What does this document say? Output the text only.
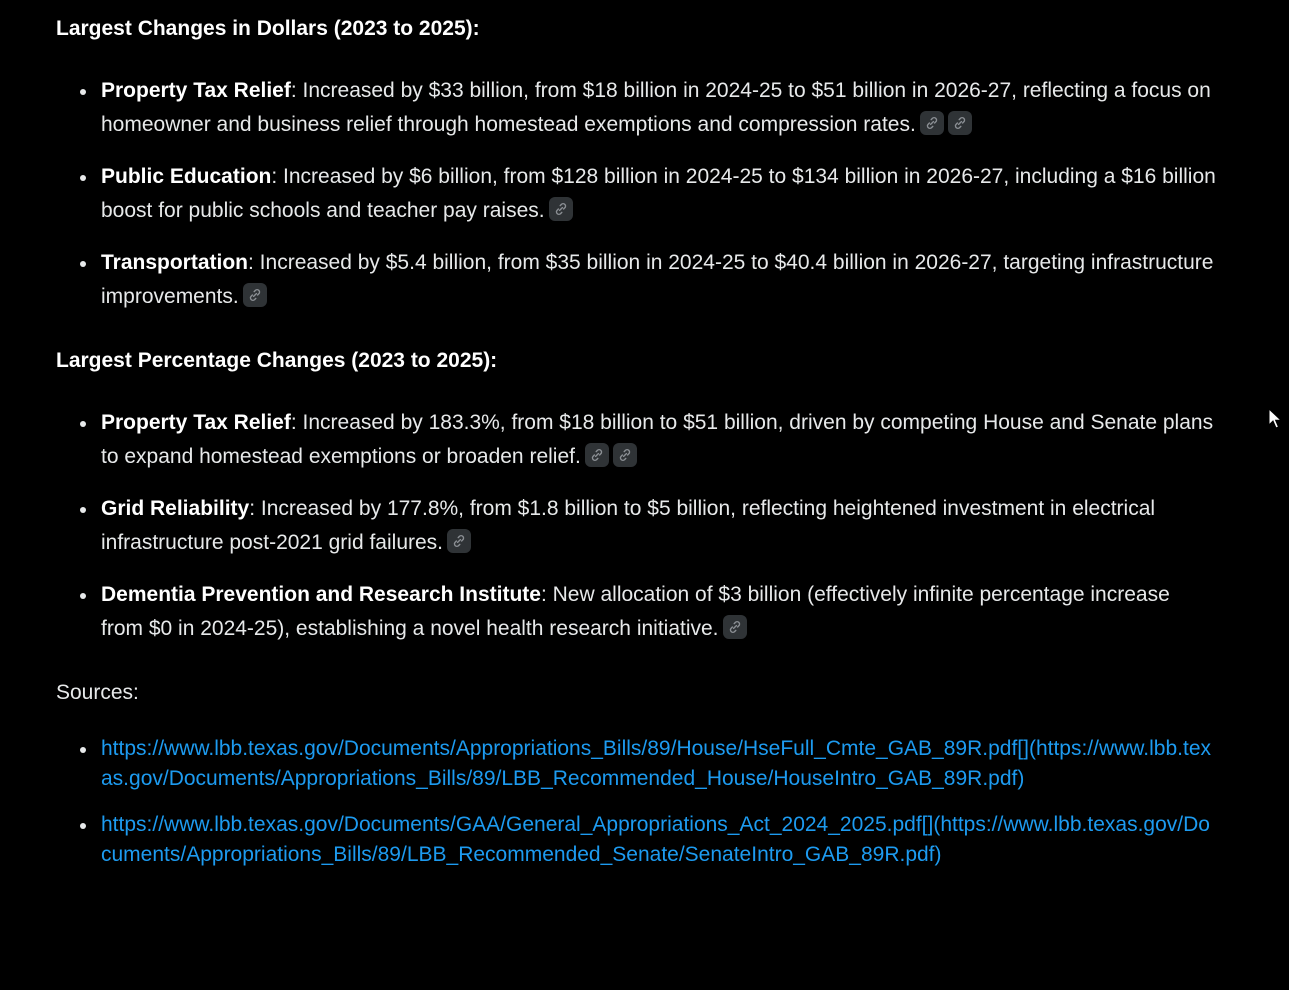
Largest Changes in Dollars (2023 to 2025):
Property Tax Relief: Increased by $33 billion, from $18 billion in 2024-25 to $51 billion in 2026-27, reflecting a focus on homeowner and business relief through homestead exemptions and compression rates.
Public Education: Increased by $6 billion, from $128 billion in 2024-25 to $134 billion in 2026-27, including a $16 billion boost for public schools and teacher pay raises.
Transportation: Increased by $5.4 billion, from $35 billion in 2024-25 to $40.4 billion in 2026-27, targeting infrastructure improvements.
Largest Percentage Changes (2023 to 2025):
Property Tax Relief: Increased by 183.3%, from $18 billion to $51 billion, driven by competing House and Senate plans to expand homestead exemptions or broaden relief.
Grid Reliability: Increased by 177.8%, from $1.8 billion to $5 billion, reflecting heightened investment in electrical infrastructure post-2021 grid failures.
Dementia Prevention and Research Institute: New allocation of $3 billion (effectively infinite percentage increase from $0 in 2024-25), establishing a novel health research initiative.
Sources:
https://www.lbb.texas.gov/Documents/Appropriations_Bills/89/House/HseFull_Cmte_GAB_89R.pdf[](https://www.lbb.texas.gov/Documents/Appropriations_Bills/89/LBB_Recommended_House/HouseIntro_GAB_89R.pdf)
https://www.lbb.texas.gov/Documents/GAA/General_Appropriations_Act_2024_2025.pdf[](https://www.lbb.texas.gov/Documents/Appropriations_Bills/89/LBB_Recommended_Senate/SenateIntro_GAB_89R.pdf)
